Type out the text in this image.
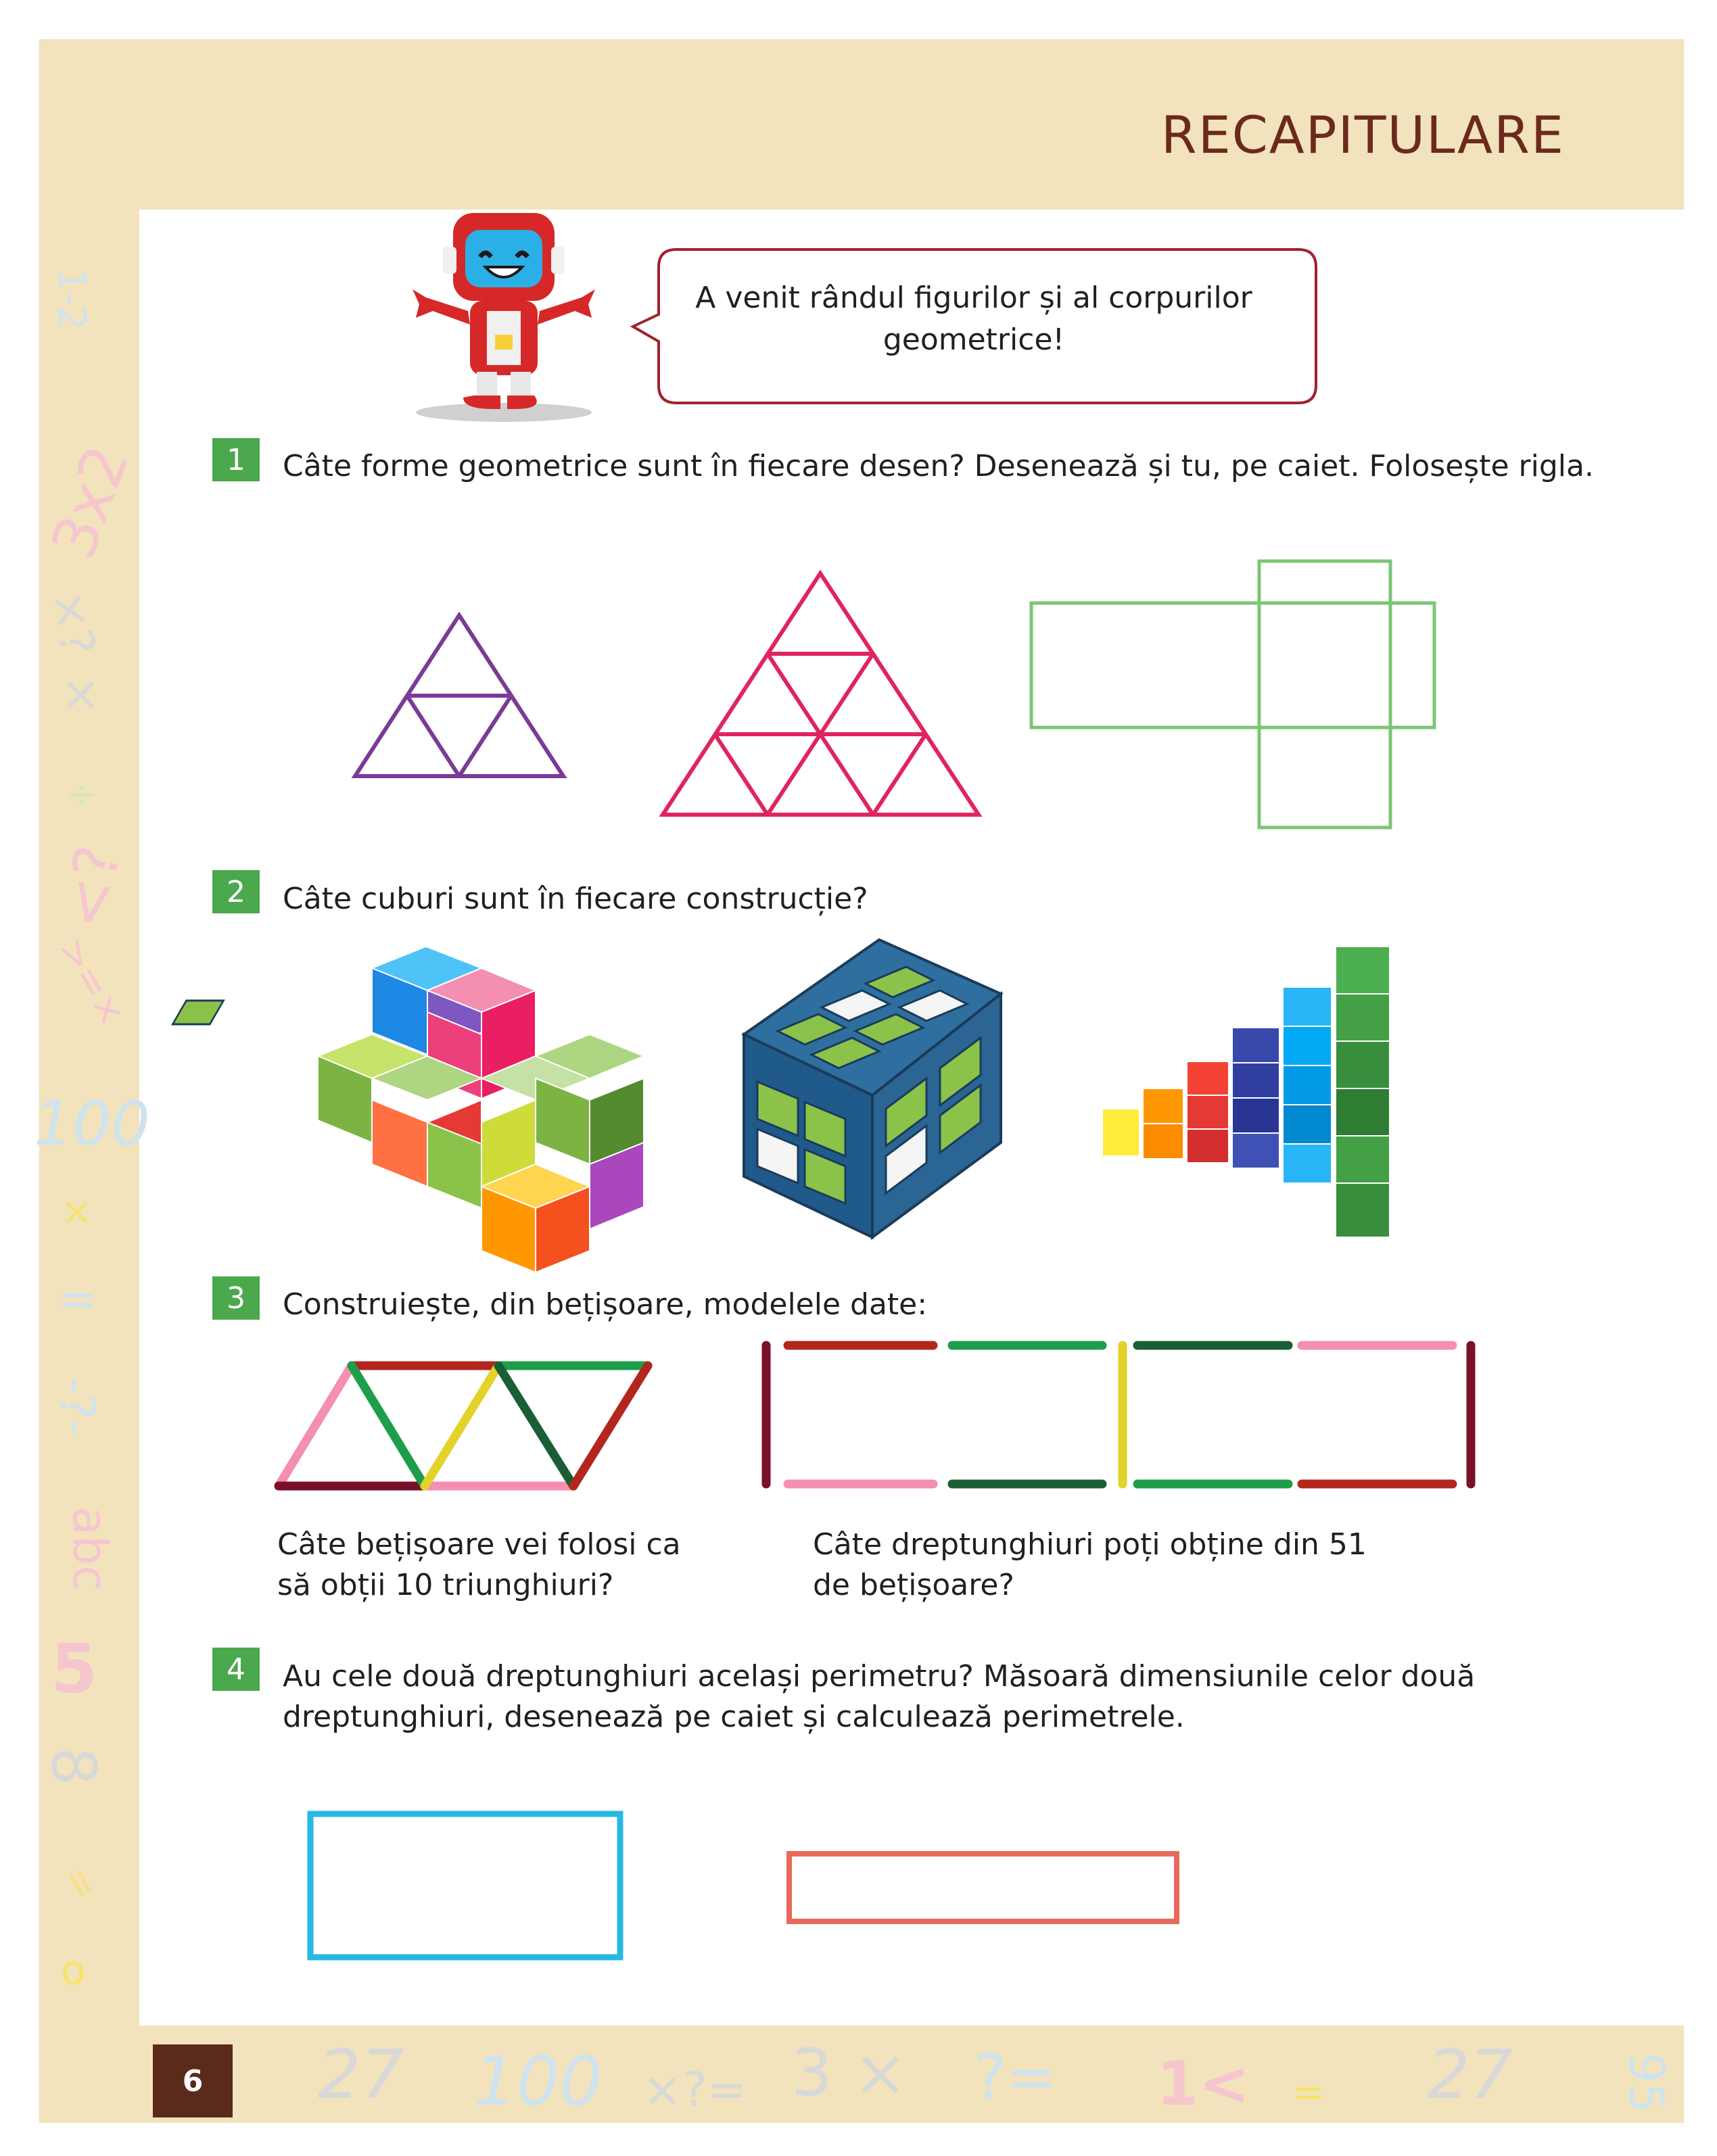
1-2
3x2
×?
×
÷
<?
>=×
100
×
=
-?-
abc
5
8
=
o
27 100 ×?= 3 × ?= 1< = 27 95
RECAPITULARE
6
A venit rândul figurilor și al corpurilor geometrice!
1	Câte forme geometrice sunt în fiecare desen? Desenează și tu, pe caiet. Folosește rigla.
2	Câte cuburi sunt în fiecare construcție?
3	Construiește, din bețișoare, modelele date:
Câte bețișoare vei folosi ca să obții 10 triunghiuri?
Câte dreptunghiuri poți obține din 51 de bețișoare?
4	Au cele două dreptunghiuri același perimetru? Măsoară dimensiunile celor două dreptunghiuri, desenează pe caiet și calculează perimetrele.
